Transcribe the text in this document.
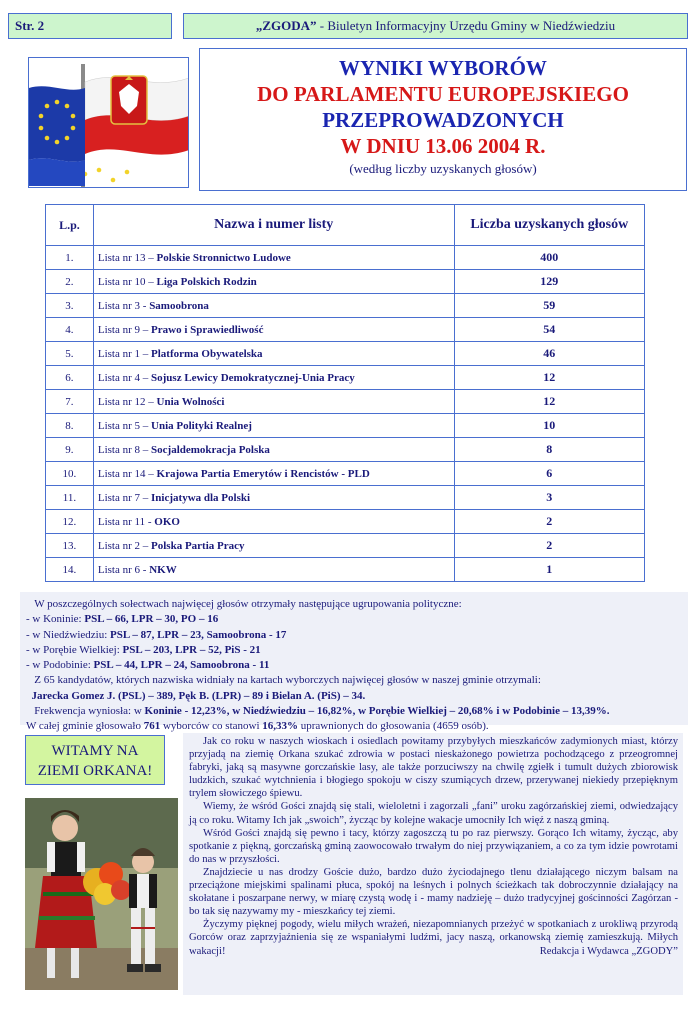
Str. 2	„ZGODA” - Biuletyn Informacyjny Urzędu Gminy w Niedźwiedziu
WYNIKI WYBORÓW
DO PARLAMENTU EUROPEJSKIEGO
PRZEPROWADZONYCH
W DNIU 13.06 2004 R.
(według liczby uzyskanych głosów)
L.p.	Nazwa i numer listy	Liczba uzyskanych głosów
1.	Lista nr 13 – Polskie Stronnictwo Ludowe	400
2.	Lista nr 10 – Liga Polskich Rodzin	129
3.	Lista nr 3 - Samoobrona	59
4.	Lista nr 9 – Prawo i Sprawiedliwość	54
5.	Lista nr 1 – Platforma Obywatelska	46
6.	Lista nr 4 – Sojusz Lewicy Demokratycznej-Unia Pracy	12
7.	Lista nr 12 – Unia Wolności	12
8.	Lista nr 5 – Unia Polityki Realnej	10
9.	Lista nr 8 – Socjaldemokracja Polska	8
10.	Lista nr 14 – Krajowa Partia Emerytów i Rencistów - PLD	6
11.	Lista nr 7 – Inicjatywa dla Polski	3
12.	Lista nr 11 - OKO	2
13.	Lista nr 2 – Polska Partia Pracy	2
14.	Lista nr 6 - NKW	1

W poszczególnych sołectwach najwięcej głosów otrzymały następujące ugrupowania polityczne:

- w Koninie: PSL – 66, LPR – 30, PO – 16

- w Niedźwiedziu: PSL – 87, LPR – 23, Samoobrona - 17

- w Porębie Wielkiej: PSL – 203, LPR – 52, PiS - 21

- w Podobinie: PSL – 44, LPR – 24, Samoobrona - 11

Z 65 kandydatów, których nazwiska widniały na kartach wyborczych najwięcej głosów w naszej gminie otrzymali:

Jarecka Gomez J. (PSL) – 389, Pęk B. (LPR) – 89 i Bielan A. (PiS) – 34.

Frekwencja wyniosła: w Koninie - 12,23%, w Niedźwiedziu – 16,82%, w Porębie Wielkiej – 20,68% i w Podobinie – 13,39%.

W całej gminie głosowało 761 wyborców co stanowi 16,33% uprawnionych do głosowania (4659 osób).

WITAMY NA
ZIEMI ORKANA!

Jak co roku w naszych wioskach i osiedlach powitamy przybyłych mieszkańców zadymionych miast, którzy przyjadą na ziemię Orkana szukać zdrowia w postaci nieskażonego powietrza pochodzącego z przeogromnej fabryki, jaką są masywne gorczańskie lasy, ale także porzuciwszy na chwilę zgiełk i tumult dużych zbiorowisk ludzkich, szukać wytchnienia i błogiego spokoju w ciszy szumiących drzew, przerywanej niekiedy przepięknym trylem słowiczego śpiewu.

Wiemy, że wśród Gości znajdą się stali, wieloletni i zagorzali „fani” uroku zagórzańskiej ziemi, odwiedzający ją co roku. Witamy Ich jak „swoich”, życząc by kolejne wakacje umocniły Ich więź z naszą gminą.

Wśród Gości znajdą się pewno i tacy, którzy zagoszczą tu po raz pierwszy. Gorąco Ich witamy, życząc, aby spotkanie z piękną, gorczańską gminą zaowocowało trwałym do niej przywiązaniem, a co za tym idzie powrotami do nas w przyszłości.

Znajdziecie u nas drodzy Goście dużo, bardzo dużo życiodajnego tlenu działającego niczym balsam na przeciążone miejskimi spalinami płuca, spokój na leśnych i polnych ścieżkach tak dobroczynnie działający na skołatane i poszarpane nerwy, w miarę czystą wodę i - mamy nadzieję – dużo tradycyjnej gościnności Zagórzan - bo tak się nazywamy my - mieszkańcy tej ziemi.

Życzymy pięknej pogody, wielu miłych wrażeń, niezapomnianych przeżyć w spotkaniach z urokliwą przyrodą Gorców oraz zaprzyjaźnienia się ze wspaniałymi ludźmi, jacy naszą, orkanowską ziemię zamieszkują. Miłych wakacji!	Redakcja i Wydawca „ZGODY”
